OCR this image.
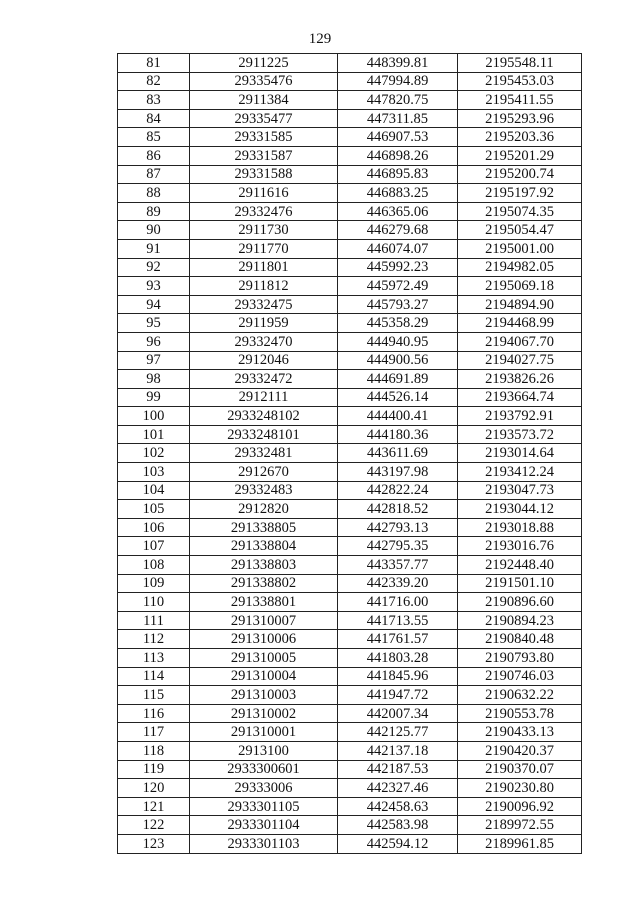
129
81	2911225	448399.81	2195548.11
82	29335476	447994.89	2195453.03
83	2911384	447820.75	2195411.55
84	29335477	447311.85	2195293.96
85	29331585	446907.53	2195203.36
86	29331587	446898.26	2195201.29
87	29331588	446895.83	2195200.74
88	2911616	446883.25	2195197.92
89	29332476	446365.06	2195074.35
90	2911730	446279.68	2195054.47
91	2911770	446074.07	2195001.00
92	2911801	445992.23	2194982.05
93	2911812	445972.49	2195069.18
94	29332475	445793.27	2194894.90
95	2911959	445358.29	2194468.99
96	29332470	444940.95	2194067.70
97	2912046	444900.56	2194027.75
98	29332472	444691.89	2193826.26
99	2912111	444526.14	2193664.74
100	2933248102	444400.41	2193792.91
101	2933248101	444180.36	2193573.72
102	29332481	443611.69	2193014.64
103	2912670	443197.98	2193412.24
104	29332483	442822.24	2193047.73
105	2912820	442818.52	2193044.12
106	291338805	442793.13	2193018.88
107	291338804	442795.35	2193016.76
108	291338803	443357.77	2192448.40
109	291338802	442339.20	2191501.10
110	291338801	441716.00	2190896.60
111	291310007	441713.55	2190894.23
112	291310006	441761.57	2190840.48
113	291310005	441803.28	2190793.80
114	291310004	441845.96	2190746.03
115	291310003	441947.72	2190632.22
116	291310002	442007.34	2190553.78
117	291310001	442125.77	2190433.13
118	2913100	442137.18	2190420.37
119	2933300601	442187.53	2190370.07
120	29333006	442327.46	2190230.80
121	2933301105	442458.63	2190096.92
122	2933301104	442583.98	2189972.55
123	2933301103	442594.12	2189961.85
